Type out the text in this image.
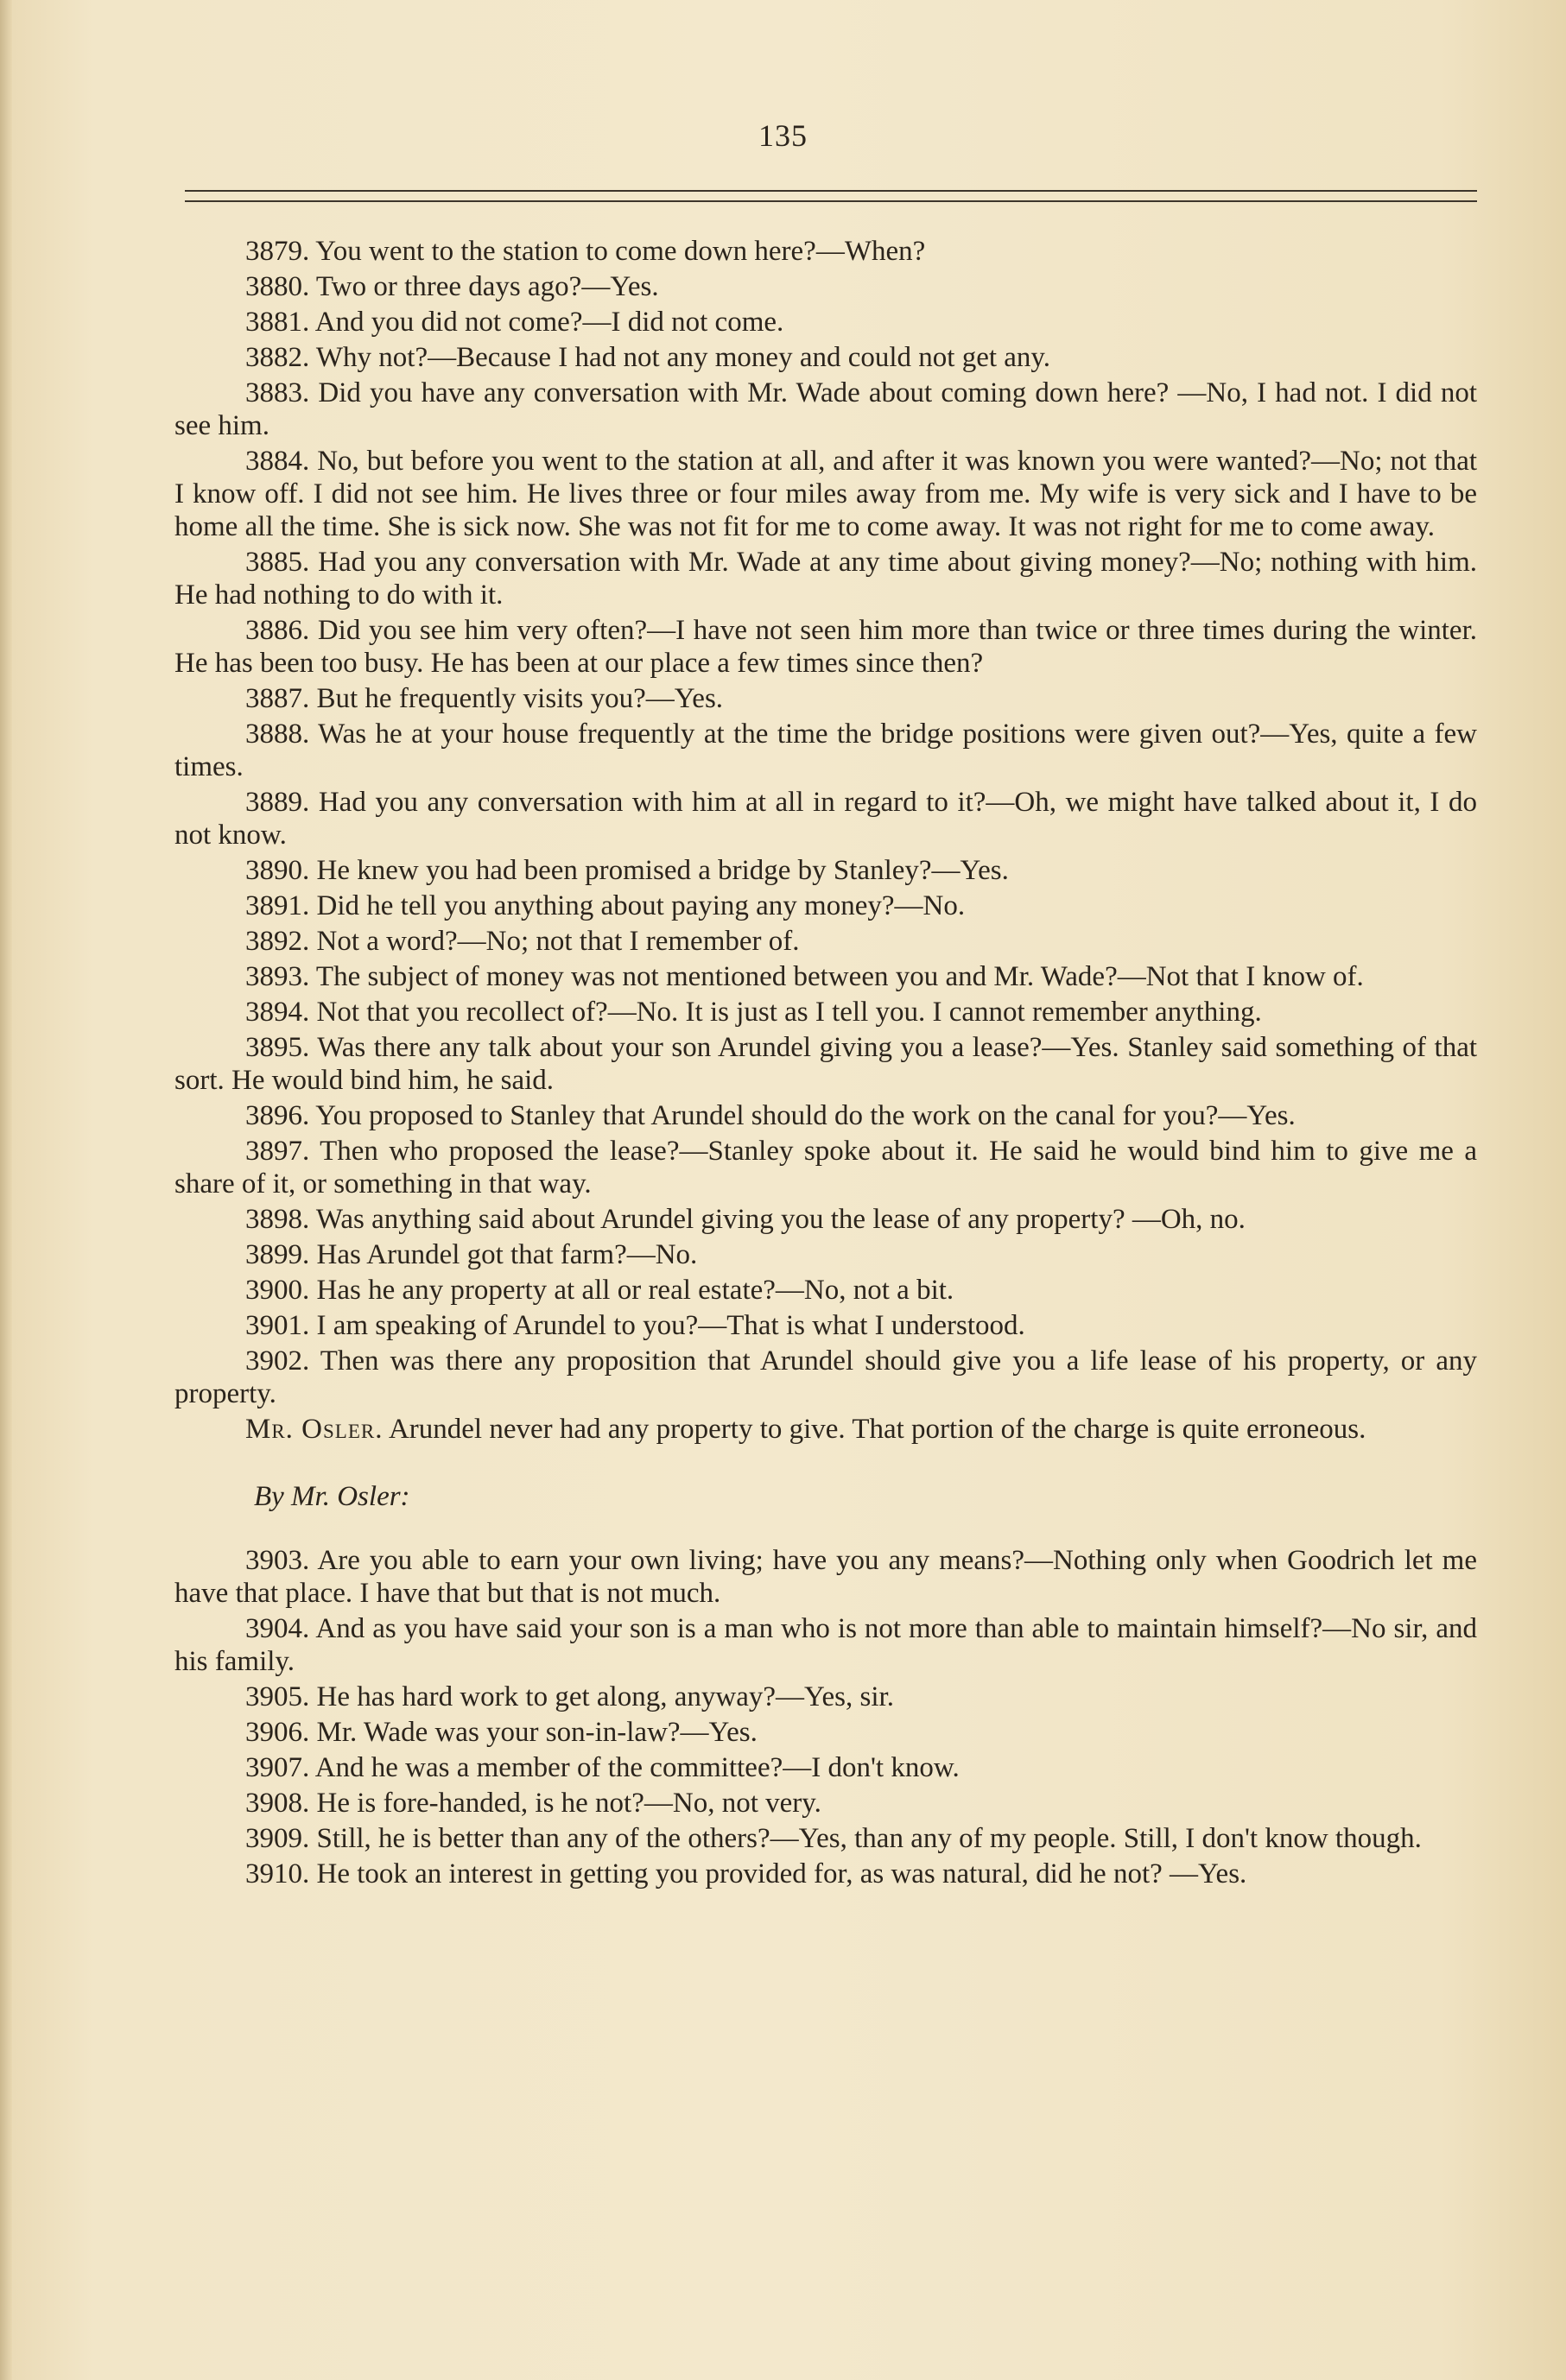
135

3879. You went to the station to come down here?—When?

3880. Two or three days ago?—Yes.

3881. And you did not come?—I did not come.

3882. Why not?—Because I had not any money and could not get any.

3883. Did you have any conversation with Mr. Wade about coming down here? —No, I had not. I did not see him.

3884. No, but before you went to the station at all, and after it was known you were wanted?—No; not that I know off. I did not see him. He lives three or four miles away from me. My wife is very sick and I have to be home all the time. She is sick now. She was not fit for me to come away. It was not right for me to come away.

3885. Had you any conversation with Mr. Wade at any time about giving money?—No; nothing with him. He had nothing to do with it.

3886. Did you see him very often?—I have not seen him more than twice or three times during the winter. He has been too busy. He has been at our place a few times since then?

3887. But he frequently visits you?—Yes.

3888. Was he at your house frequently at the time the bridge positions were given out?—Yes, quite a few times.

3889. Had you any conversation with him at all in regard to it?—Oh, we might have talked about it, I do not know.

3890. He knew you had been promised a bridge by Stanley?—Yes.

3891. Did he tell you anything about paying any money?—No.

3892. Not a word?—No; not that I remember of.

3893. The subject of money was not mentioned between you and Mr. Wade?—Not that I know of.

3894. Not that you recollect of?—No. It is just as I tell you. I cannot remember anything.

3895. Was there any talk about your son Arundel giving you a lease?—Yes. Stanley said something of that sort. He would bind him, he said.

3896. You proposed to Stanley that Arundel should do the work on the canal for you?—Yes.

3897. Then who proposed the lease?—Stanley spoke about it. He said he would bind him to give me a share of it, or something in that way.

3898. Was anything said about Arundel giving you the lease of any property? —Oh, no.

3899. Has Arundel got that farm?—No.

3900. Has he any property at all or real estate?—No, not a bit.

3901. I am speaking of Arundel to you?—That is what I understood.

3902. Then was there any proposition that Arundel should give you a life lease of his property, or any property.

Mr. Osler. Arundel never had any property to give. That portion of the charge is quite erroneous.

By Mr. Osler:

3903. Are you able to earn your own living; have you any means?—Nothing only when Goodrich let me have that place. I have that but that is not much.

3904. And as you have said your son is a man who is not more than able to maintain himself?—No sir, and his family.

3905. He has hard work to get along, anyway?—Yes, sir.

3906. Mr. Wade was your son-in-law?—Yes.

3907. And he was a member of the committee?—I don't know.

3908. He is fore-handed, is he not?—No, not very.

3909. Still, he is better than any of the others?—Yes, than any of my people. Still, I don't know though.

3910. He took an interest in getting you provided for, as was natural, did he not? —Yes.
